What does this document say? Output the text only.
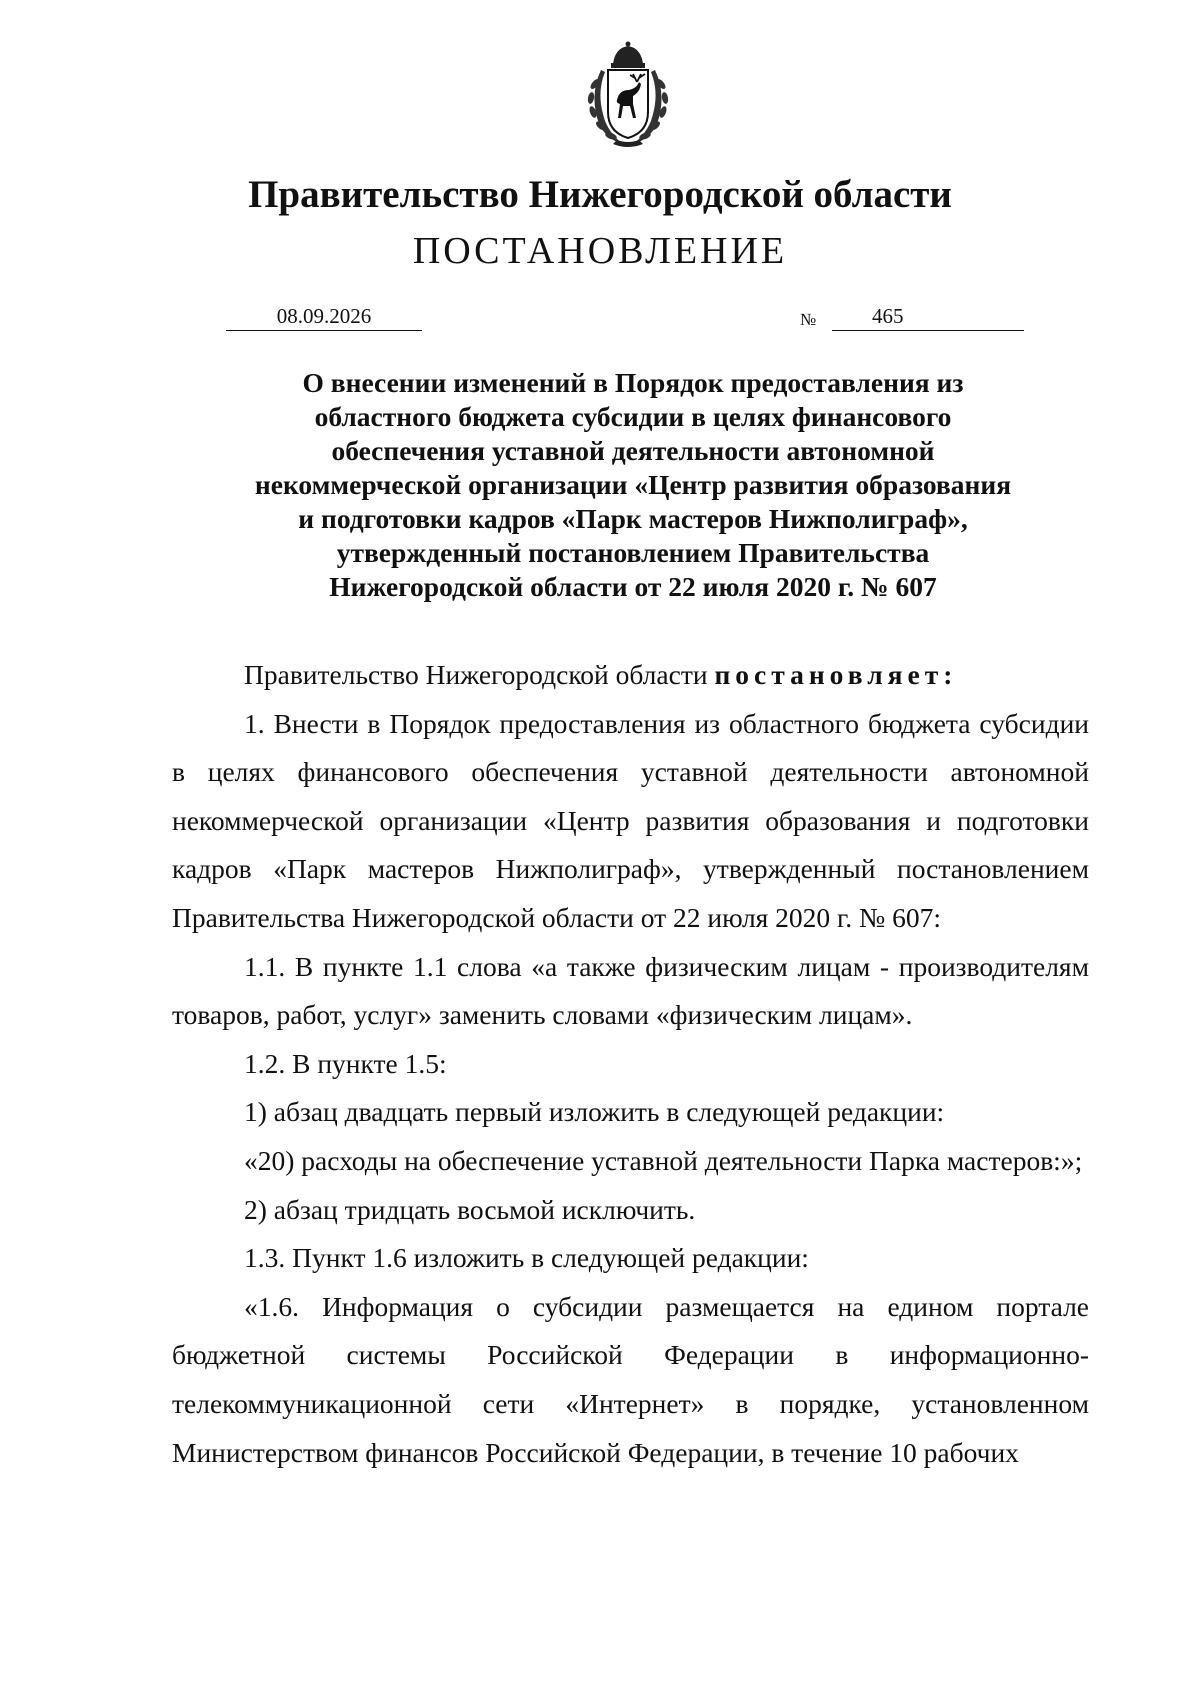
Правительство Нижегородской области
ПОСТАНОВЛЕНИЕ
08.09.2026	№	465
О внесении изменений в Порядок предоставления из
областного бюджета субсидии в целях финансового
обеспечения уставной деятельности автономной
некоммерческой организации «Центр развития образования
и подготовки кадров «Парк мастеров Нижполиграф»,
утвержденный постановлением Правительства
Нижегородской области от 22 июля 2020 г. № 607

Правительство Нижегородской области постановляет:

1. Внести в Порядок предоставления из областного бюджета субсидии в целях финансового обеспечения уставной деятельности автономной некоммерческой организации «Центр развития образования и подготовки кадров «Парк мастеров Нижполиграф», утвержденный постановлением Правительства Нижегородской области от 22 июля 2020 г. № 607:

1.1. В пункте 1.1 слова «а также физическим лицам - производителям товаров, работ, услуг» заменить словами «физическим лицам».

1.2. В пункте 1.5:

1) абзац двадцать первый изложить в следующей редакции:

«20) расходы на обеспечение уставной деятельности Парка мастеров:»;

2) абзац тридцать восьмой исключить.

1.3. Пункт 1.6 изложить в следующей редакции:

«1.6. Информация о субсидии размещается на едином портале бюджетной системы Российской Федерации в информационно-телекоммуникационной сети «Интернет» в порядке, установленном Министерством финансов Российской Федерации, в течение 10 рабочих
